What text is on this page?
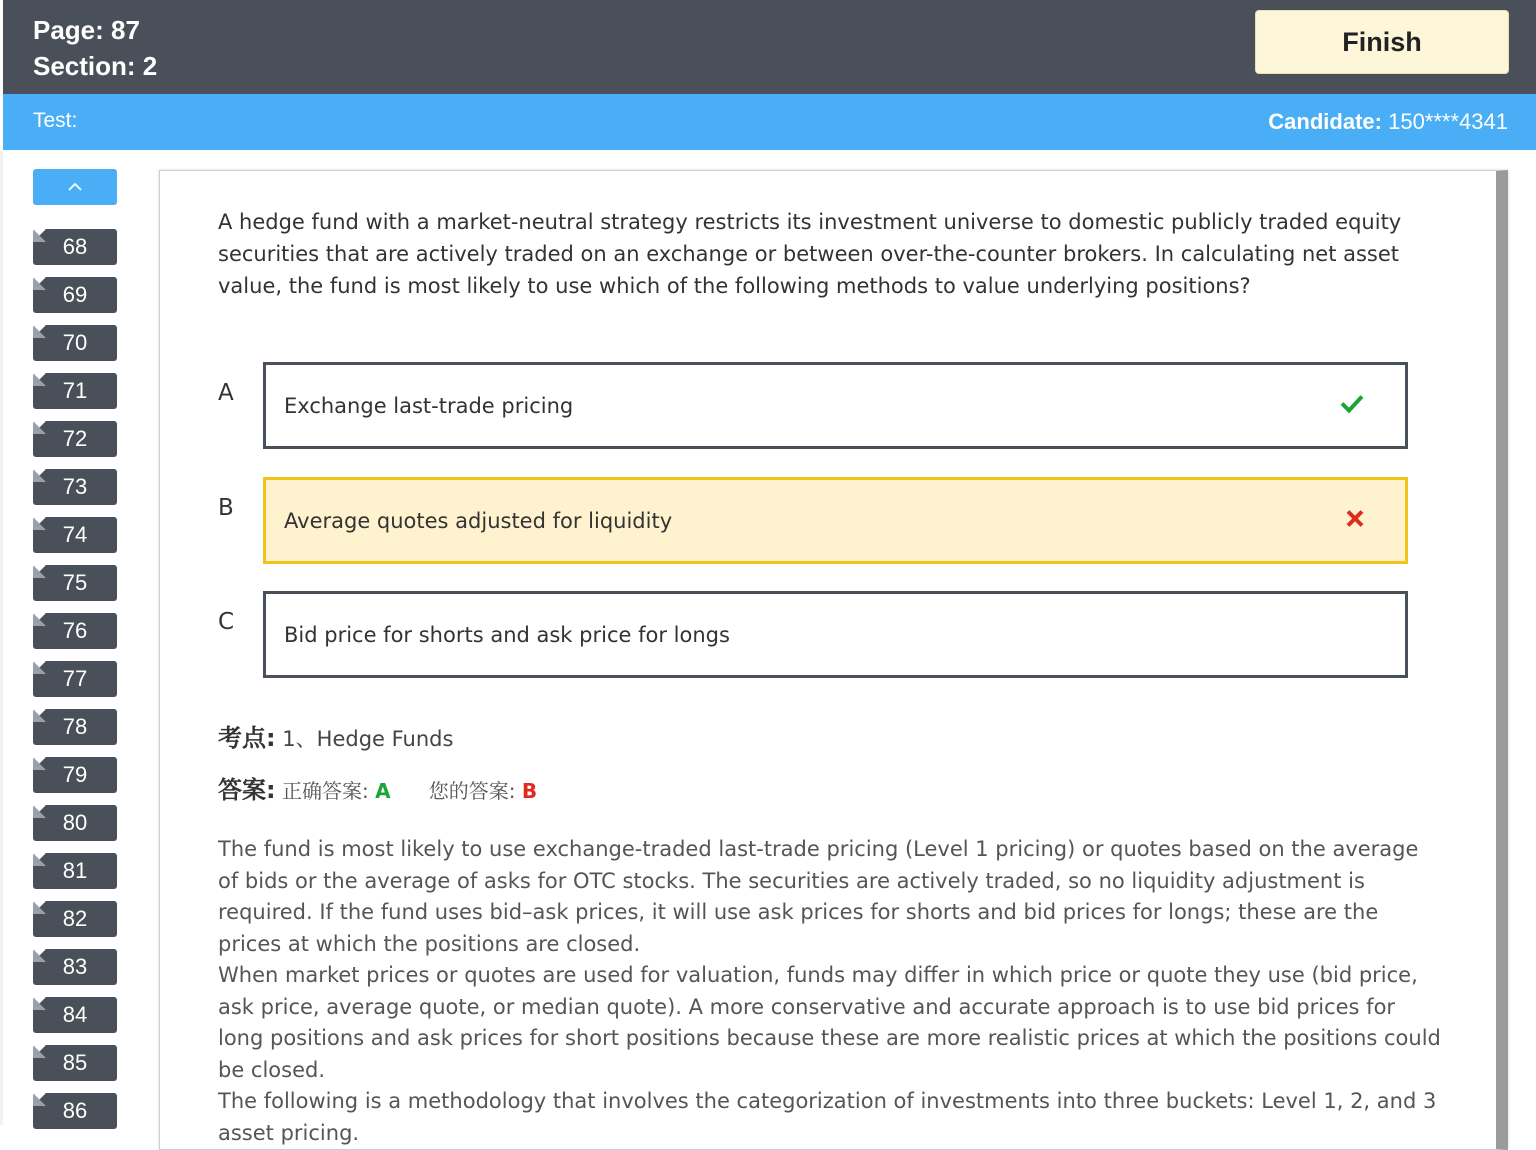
Page: 87
Section: 2
Finish
Test:	Candidate: 150****4341
68
69
70
71
72
73
74
75
76
77
78
79
80
81
82
83
84
85
86
A hedge fund with a market-neutral strategy restricts its investment universe to domestic publicly traded equity securities that are actively traded on an exchange or between over-the-counter brokers. In calculating net asset value, the fund is most likely to use which of the following methods to value underlying positions?
A Exchange last-trade pricing
B Average quotes adjusted for liquidity
C Bid price for shorts and ask price for longs
考点: 1、Hedge Funds
答案: 正确答案: A 您的答案: B

The fund is most likely to use exchange-traded last-trade pricing (Level 1 pricing) or quotes based on the average of bids or the average of asks for OTC stocks. The securities are actively traded, so no liquidity adjustment is required. If the fund uses bid–ask prices, it will use ask prices for shorts and bid prices for longs; these are the prices at which the positions are closed.

When market prices or quotes are used for valuation, funds may differ in which price or quote they use (bid price, ask price, average quote, or median quote). A more conservative and accurate approach is to use bid prices for long positions and ask prices for short positions because these are more realistic prices at which the positions could be closed.

The following is a methodology that involves the categorization of investments into three buckets: Level 1, 2, and 3 asset pricing.
